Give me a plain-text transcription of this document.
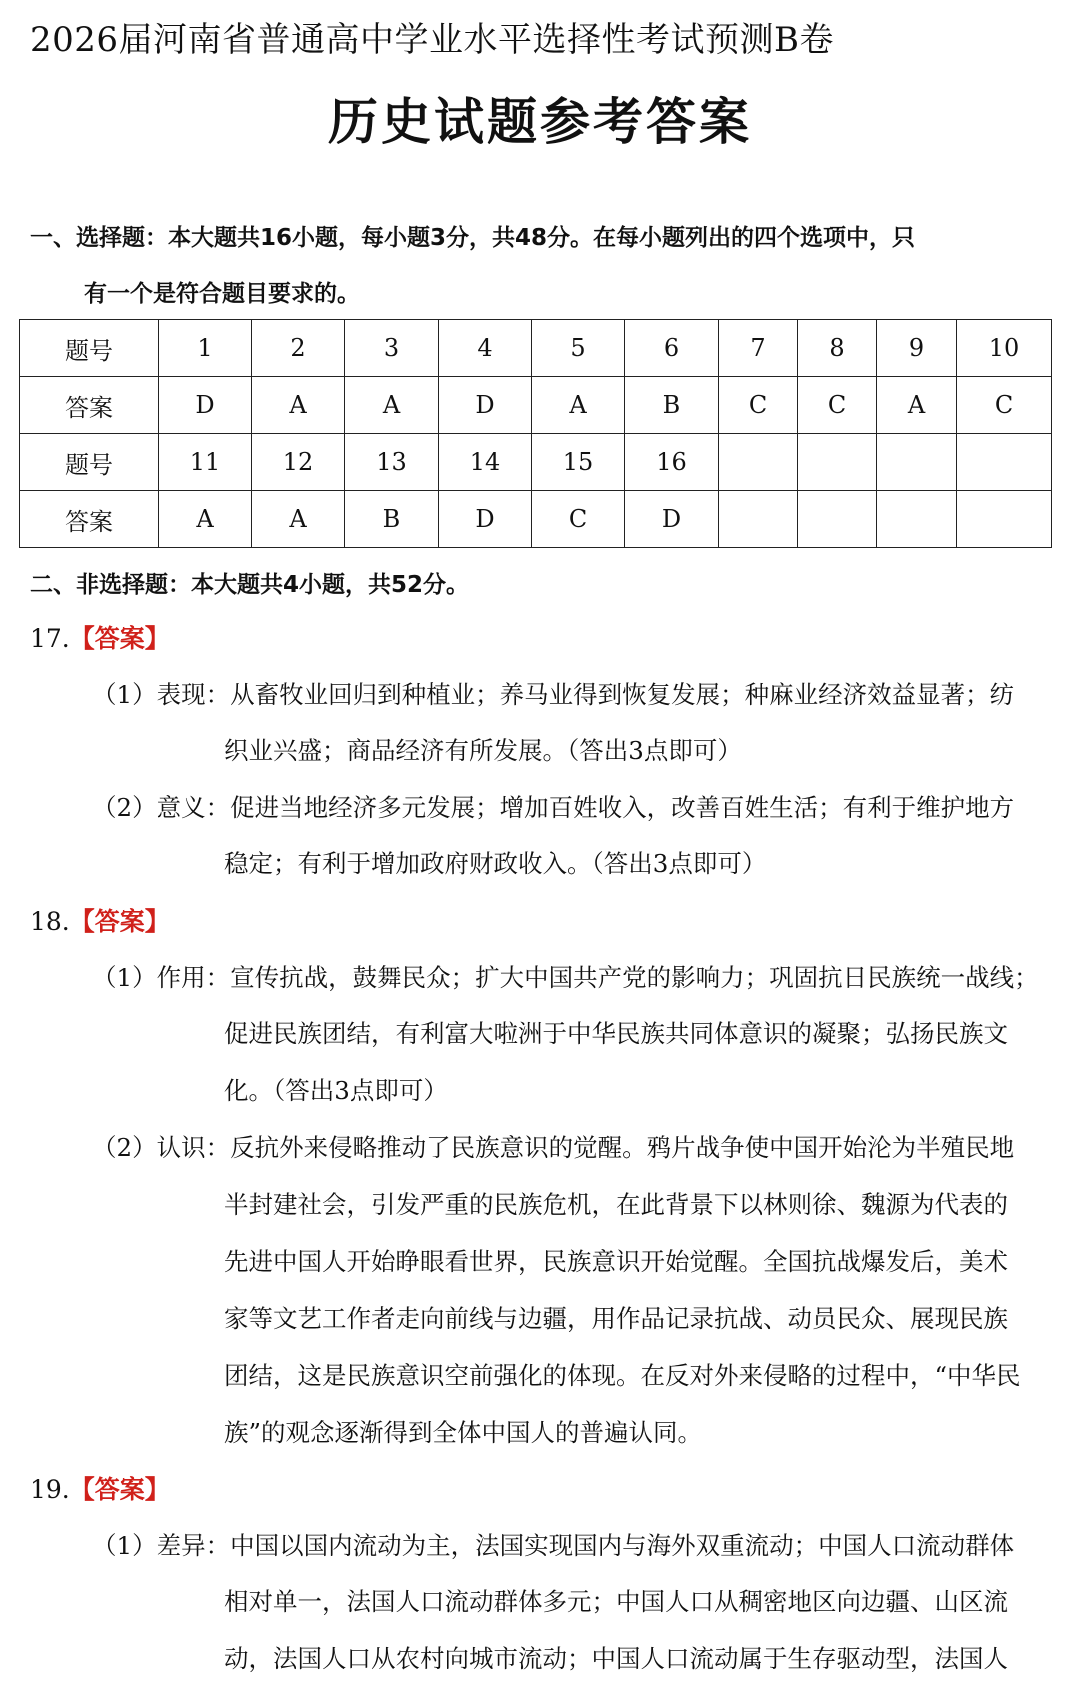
2026届河南省普通高中学业水平选择性考试预测B卷
历史试题参考答案
一、选择题：本大题共16小题，每小题3分，共48分。在每小题列出的四个选项中，只
有一个是符合题目要求的。
题号	1	2	3	4	5	6	7	8	9	10
答案	D	A	A	D	A	B	C	C	A	C
题号	11	12	13	14	15	16				
答案	A	A	B	D	C	D				
二、非选择题：本大题共4小题，共52分。
17.【答案】
（1）表现：从畜牧业回归到种植业；养马业得到恢复发展；种麻业经济效益显著；纺
织业兴盛；商品经济有所发展。（答出3点即可）
（2）意义：促进当地经济多元发展；增加百姓收入，改善百姓生活；有利于维护地方
稳定；有利于增加政府财政收入。（答出3点即可）
18.【答案】
（1）作用：宣传抗战，鼓舞民众；扩大中国共产党的影响力；巩固抗日民族统一战线；
促进民族团结，有利富大啦洲于中华民族共同体意识的凝聚；弘扬民族文
化。（答出3点即可）
（2）认识：反抗外来侵略推动了民族意识的觉醒。鸦片战争使中国开始沦为半殖民地
半封建社会，引发严重的民族危机，在此背景下以林则徐、魏源为代表的
先进中国人开始睁眼看世界，民族意识开始觉醒。全国抗战爆发后，美术
家等文艺工作者走向前线与边疆，用作品记录抗战、动员民众、展现民族
团结，这是民族意识空前强化的体现。在反对外来侵略的过程中，“中华民
族”的观念逐渐得到全体中国人的普遍认同。
19.【答案】
（1）差异：中国以国内流动为主，法国实现国内与海外双重流动；中国人口流动群体
相对单一，法国人口流动群体多元；中国人口从稠密地区向边疆、山区流
动，法国人口从农村向城市流动；中国人口流动属于生存驱动型，法国人
